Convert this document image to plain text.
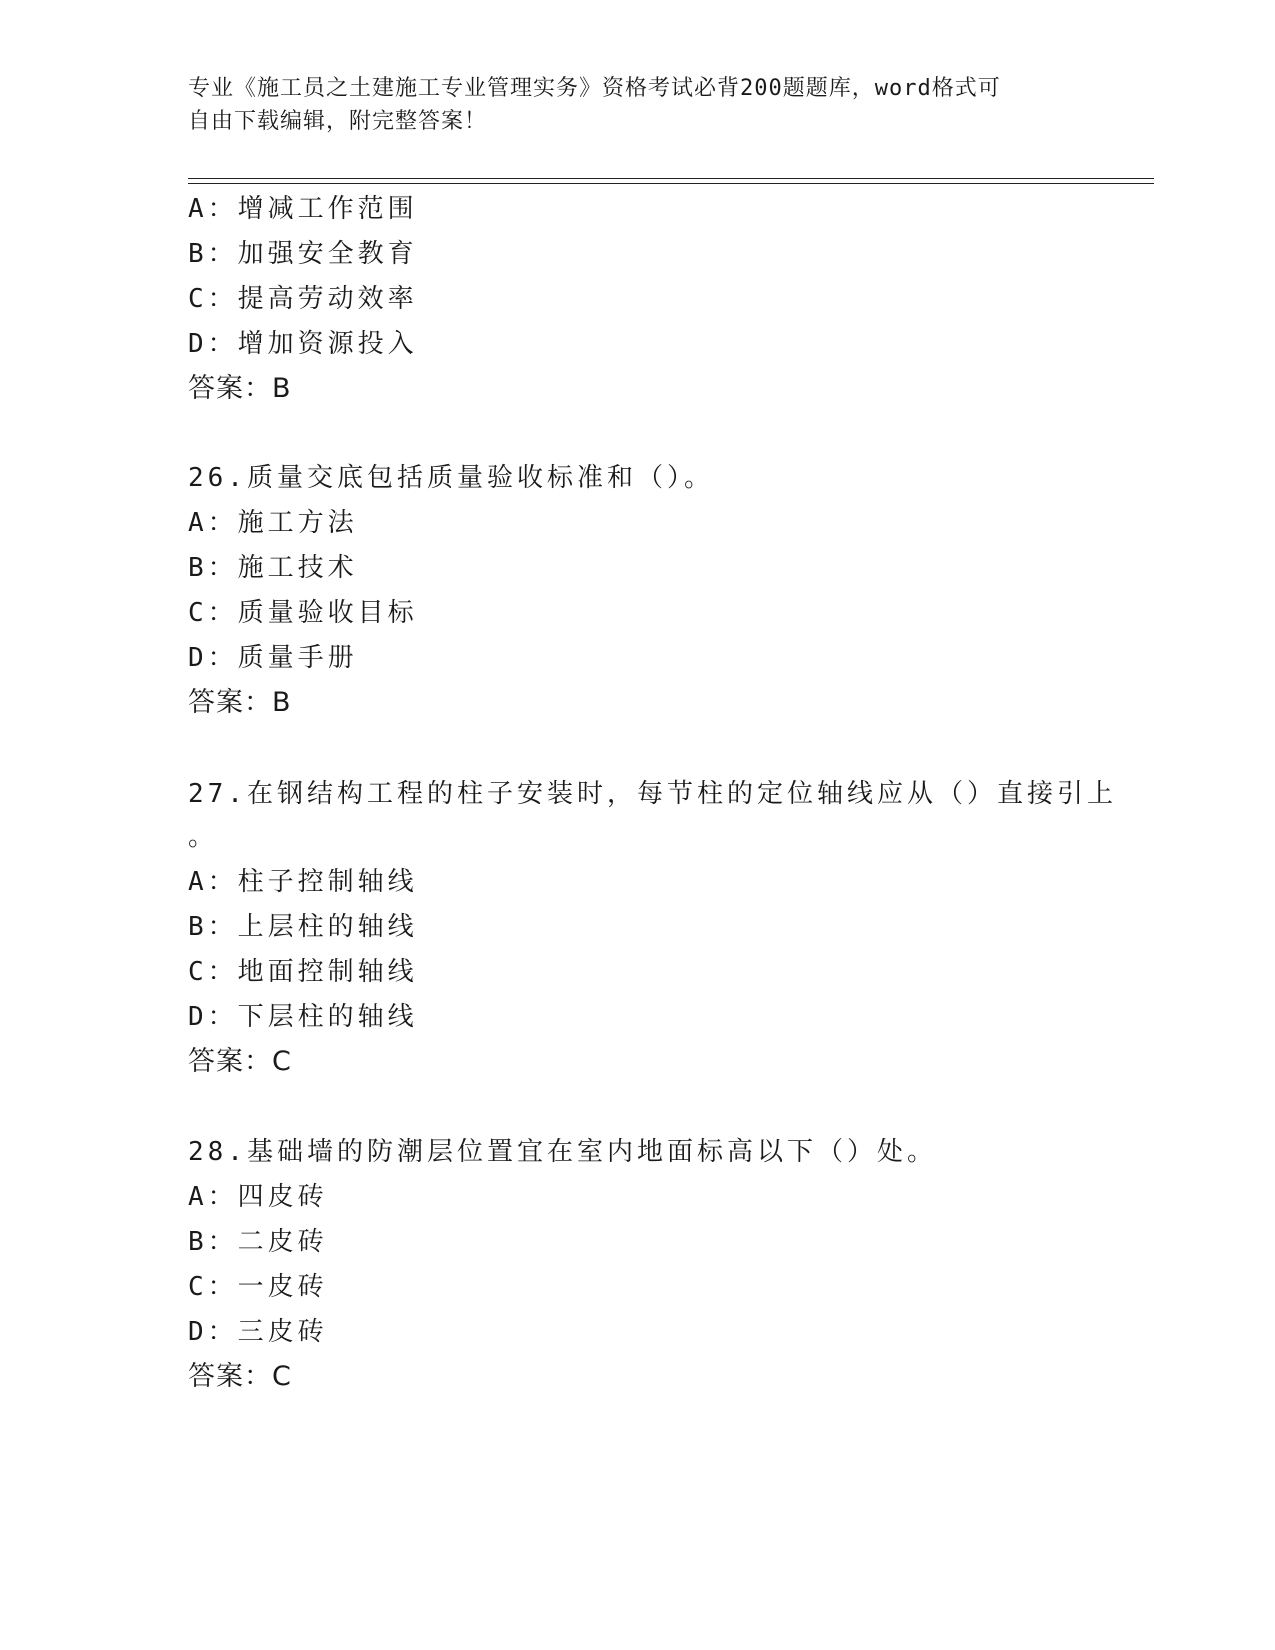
专业《施工员之土建施工专业管理实务》资格考试必背200题题库，word格式可
自由下载编辑，附完整答案！
A：增减工作范围
B：加强安全教育
C：提高劳动效率
D：增加资源投入
答案：B
26.质量交底包括质量验收标准和（）。
A：施工方法
B：施工技术
C：质量验收目标
D：质量手册
答案：B
27.在钢结构工程的柱子安装时，每节柱的定位轴线应从（）直接引上
。
A：柱子控制轴线
B：上层柱的轴线
C：地面控制轴线
D：下层柱的轴线
答案：C
28.基础墙的防潮层位置宜在室内地面标高以下（）处。
A：四皮砖
B：二皮砖
C：一皮砖
D：三皮砖
答案：C
